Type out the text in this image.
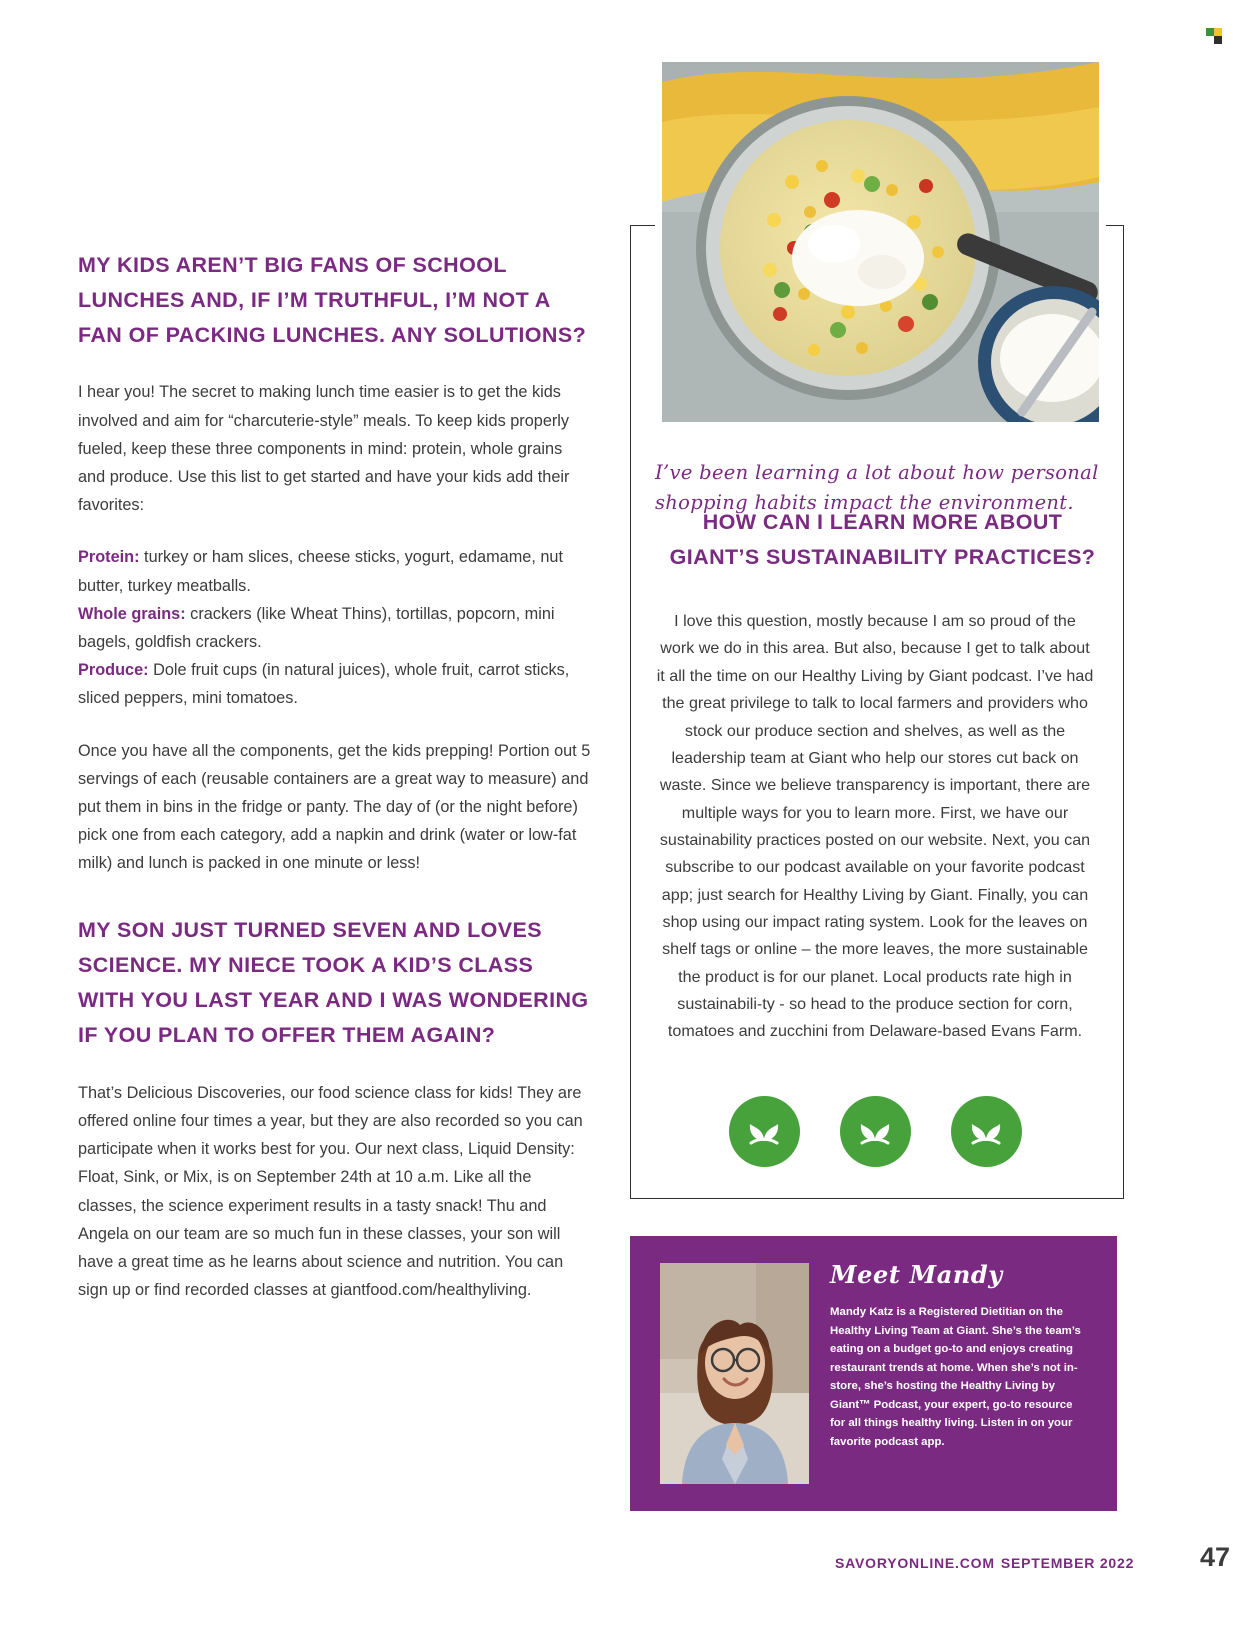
MY KIDS AREN’T BIG FANS OF SCHOOL LUNCHES AND, IF I’M TRUTHFUL, I’M NOT A FAN OF PACKING LUNCHES. ANY SOLUTIONS?

I hear you! The secret to making lunch time easier is to get the kids involved and aim for “charcuterie-style” meals. To keep kids properly fueled, keep these three components in mind: protein, whole grains and produce. Use this list to get started and have your kids add their favorites:

Protein: turkey or ham slices, cheese sticks, yogurt, edamame, nut butter, turkey meatballs.
Whole grains: crackers (like Wheat Thins), tortillas, popcorn, mini bagels, goldfish crackers.
Produce: Dole fruit cups (in natural juices), whole fruit, carrot sticks, sliced peppers, mini tomatoes.

Once you have all the components, get the kids prepping! Portion out 5 servings of each (reusable containers are a great way to measure) and put them in bins in the fridge or panty. The day of (or the night before) pick one from each category, add a napkin and drink (water or low-fat milk) and lunch is packed in one minute or less!

MY SON JUST TURNED SEVEN AND LOVES SCIENCE. MY NIECE TOOK A KID’S CLASS WITH YOU LAST YEAR AND I WAS WONDERING IF YOU PLAN TO OFFER THEM AGAIN?

That’s Delicious Discoveries, our food science class for kids! They are offered online four times a year, but they are also recorded so you can participate when it works best for you. Our next class, Liquid Density: Float, Sink, or Mix, is on September 24th at 10 a.m. Like all the classes, the science experiment results in a tasty snack! Thu and Angela on our team are so much fun in these classes, your son will have a great time as he learns about science and nutrition. You can sign up or find recorded classes at giantfood.com/healthyliving.

I’ve been learning a lot about how personal shopping habits impact the environment.

HOW CAN I LEARN MORE ABOUT GIANT’S SUSTAINABILITY PRACTICES?

I love this question, mostly because I am so proud of the work we do in this area. But also, because I get to talk about it all the time on our Healthy Living by Giant podcast. I’ve had the great privilege to talk to local farmers and providers who stock our produce section and shelves, as well as the leadership team at Giant who help our stores cut back on waste. Since we believe transparency is important, there are multiple ways for you to learn more. First, we have our sustainability practices posted on our website. Next, you can subscribe to our podcast available on your favorite podcast app; just search for Healthy Living by Giant. Finally, you can shop using our impact rating system. Look for the leaves on shelf tags or online – the more leaves, the more sustainable the product is for our planet. Local products rate high in sustainabili-ty - so head to the produce section for corn, tomatoes and zucchini from Delaware-based Evans Farm.

Meet Mandy

Mandy Katz is a Registered Dietitian on the Healthy Living Team at Giant. She’s the team’s eating on a budget go-to and enjoys creating restaurant trends at home. When she’s not in-store, she’s hosting the Healthy Living by Giant™ Podcast, your expert, go-to resource for all things healthy living. Listen in on your favorite podcast app.

SAVORYONLINE.COM SEPTEMBER 2022 47
